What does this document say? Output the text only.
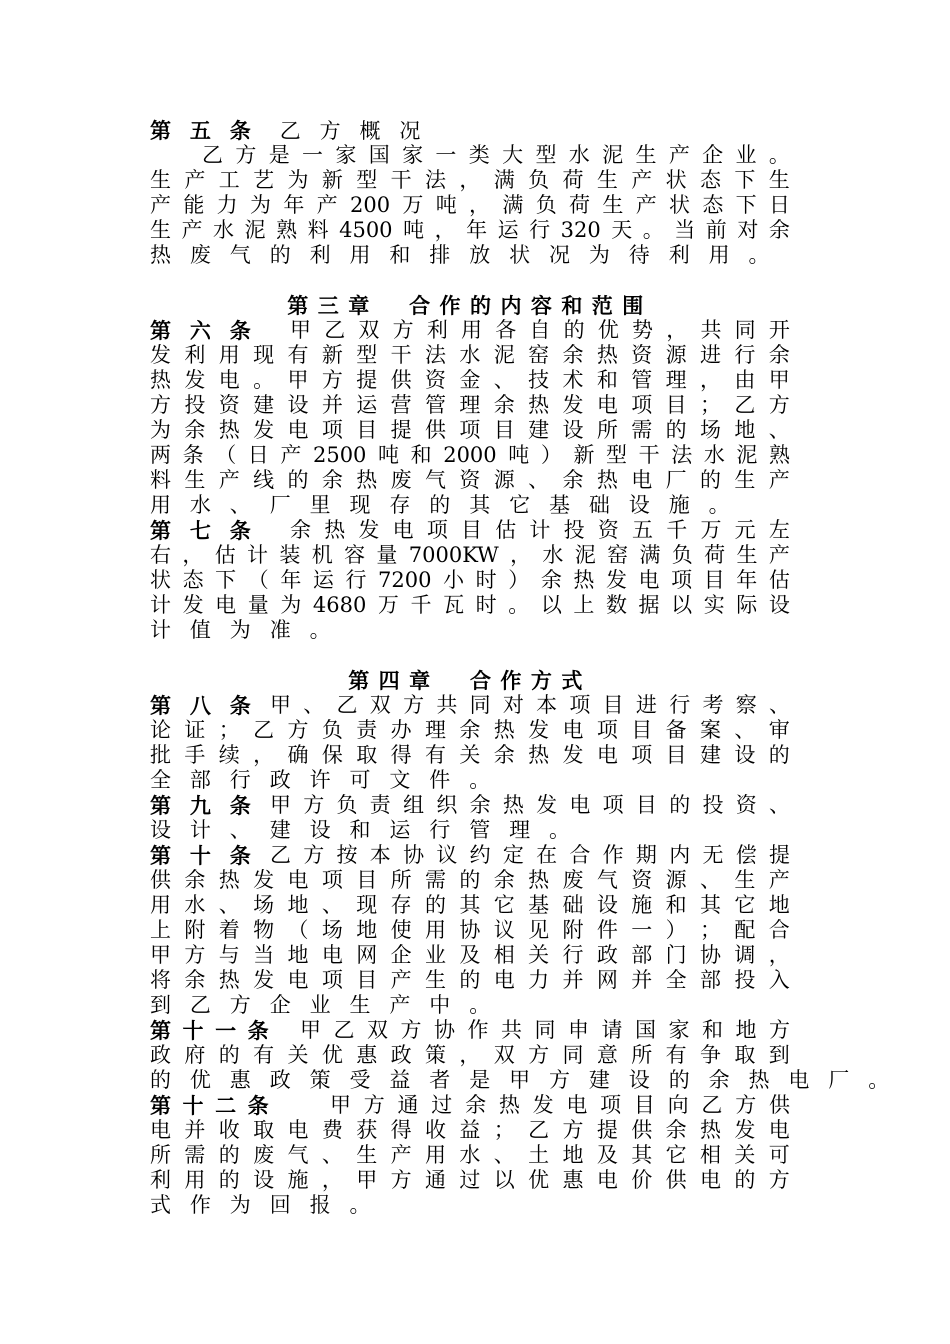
第五条 乙方概况
乙 方 是 一 家 国 家 一 类 大 型 水 泥 生 产 企 业 。
生 产 工 艺 为 新 型 干 法 ， 满 负 荷 生 产 状 态 下 生
产 能 力 为 年 产 200 万 吨 ， 满 负 荷 生 产 状 态 下 日
生 产 水 泥 熟 料 4500 吨 ， 年 运 行 320 天 。 当 前 对 余
热废气的利用和排放状况为待利用。
第三章　合作的内容和范围
第六条 甲 乙 双 方 利 用 各 自 的 优 势 ， 共 同 开
发 利 用 现 有 新 型 干 法 水 泥 窑 余 热 资 源 进 行 余
热 发 电 。 甲 方 提 供 资 金 、 技 术 和 管 理 ， 由 甲
方 投 资 建 设 并 运 营 管 理 余 热 发 电 项 目 ； 乙 方
为 余 热 发 电 项 目 提 供 项 目 建 设 所 需 的 场 地 、
两 条 （ 日 产 2500 吨 和 2000 吨 ） 新 型 干 法 水 泥 熟
料 生 产 线 的 余 热 废 气 资 源 、 余 热 电 厂 的 生 产
用水、厂里现存的其它基础设施。
第七条 余 热 发 电 项 目 估 计 投 资 五 千 万 元 左
右 ， 估 计 装 机 容 量 7000KW ， 水 泥 窑 满 负 荷 生 产
状 态 下 （ 年 运 行 7200 小 时 ） 余 热 发 电 项 目 年 估
计 发 电 量 为 4680 万 千 瓦 时 。 以 上 数 据 以 实 际 设
计值为准。
第四章　合作方式
第八条 甲 、 乙 双 方 共 同 对 本 项 目 进 行 考 察 、
论 证 ； 乙 方 负 责 办 理 余 热 发 电 项 目 备 案 、 审
批 手 续 ， 确 保 取 得 有 关 余 热 发 电 项 目 建 设 的
全部行政许可文件。
第九条 甲 方 负 责 组 织 余 热 发 电 项 目 的 投 资 、
设计、建设和运行管理。
第十条 乙 方 按 本 协 议 约 定 在 合 作 期 内 无 偿 提
供 余 热 发 电 项 目 所 需 的 余 热 废 气 资 源 、 生 产
用 水 、 场 地 、 现 存 的 其 它 基 础 设 施 和 其 它 地
上 附 着 物 （ 场 地 使 用 协 议 见 附 件 一 ） ； 配 合
甲 方 与 当 地 电 网 企 业 及 相 关 行 政 部 门 协 调 ，
将 余 热 发 电 项 目 产 生 的 电 力 并 网 并 全 部 投 入
到乙方企业生产中。
第十一条 甲 乙 双 方 协 作 共 同 申 请 国 家 和 地 方
政 府 的 有 关 优 惠 政 策 ， 双 方 同 意 所 有 争 取 到
的优惠政策受益者是甲方建设的余热电厂。
第十二条 甲 方 通 过 余 热 发 电 项 目 向 乙 方 供
电 并 收 取 电 费 获 得 收 益 ； 乙 方 提 供 余 热 发 电
所 需 的 废 气 、 生 产 用 水 、 土 地 及 其 它 相 关 可
利 用 的 设 施 ， 甲 方 通 过 以 优 惠 电 价 供 电 的 方
式作为回报。
